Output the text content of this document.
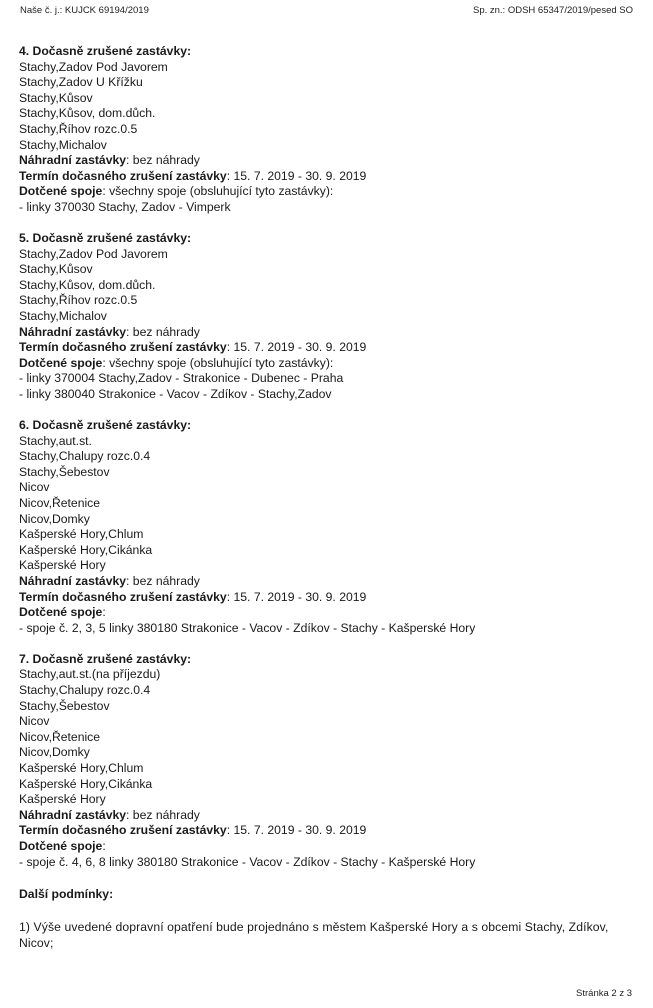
Naše č. j.: KUJCK 69194/2019	Sp. zn.: ODSH 65347/2019/pesed SO
4. Dočasně zrušené zastávky:
Stachy,Zadov Pod Javorem
Stachy,Zadov U Křížku
Stachy,Kůsov
Stachy,Kůsov, dom.důch.
Stachy,Říhov rozc.0.5
Stachy,Michalov
Náhradní zastávky: bez náhrady
Termín dočasného zrušení zastávky: 15. 7. 2019 - 30. 9. 2019
Dotčené spoje: všechny spoje (obsluhující tyto zastávky):
- linky 370030 Stachy, Zadov - Vimperk
5. Dočasně zrušené zastávky:
Stachy,Zadov Pod Javorem
Stachy,Kůsov
Stachy,Kůsov, dom.důch.
Stachy,Říhov rozc.0.5
Stachy,Michalov
Náhradní zastávky: bez náhrady
Termín dočasného zrušení zastávky: 15. 7. 2019 - 30. 9. 2019
Dotčené spoje: všechny spoje (obsluhující tyto zastávky):
- linky 370004 Stachy,Zadov - Strakonice - Dubenec - Praha
- linky 380040 Strakonice - Vacov - Zdíkov - Stachy,Zadov
6. Dočasně zrušené zastávky:
Stachy,aut.st.
Stachy,Chalupy rozc.0.4
Stachy,Šebestov
Nicov
Nicov,Řetenice
Nicov,Domky
Kašperské Hory,Chlum
Kašperské Hory,Cikánka
Kašperské Hory
Náhradní zastávky: bez náhrady
Termín dočasného zrušení zastávky: 15. 7. 2019 - 30. 9. 2019
Dotčené spoje:
- spoje č. 2, 3, 5 linky 380180 Strakonice - Vacov - Zdíkov - Stachy - Kašperské Hory
7. Dočasně zrušené zastávky:
Stachy,aut.st.(na příjezdu)
Stachy,Chalupy rozc.0.4
Stachy,Šebestov
Nicov
Nicov,Řetenice
Nicov,Domky
Kašperské Hory,Chlum
Kašperské Hory,Cikánka
Kašperské Hory
Náhradní zastávky: bez náhrady
Termín dočasného zrušení zastávky: 15. 7. 2019 - 30. 9. 2019
Dotčené spoje:
- spoje č. 4, 6, 8 linky 380180 Strakonice - Vacov - Zdíkov - Stachy - Kašperské Hory
Další podmínky:
1) Výše uvedené dopravní opatření bude projednáno s městem Kašperské Hory a s obcemi Stachy, Zdíkov, Nicov;
Stránka 2 z 3
